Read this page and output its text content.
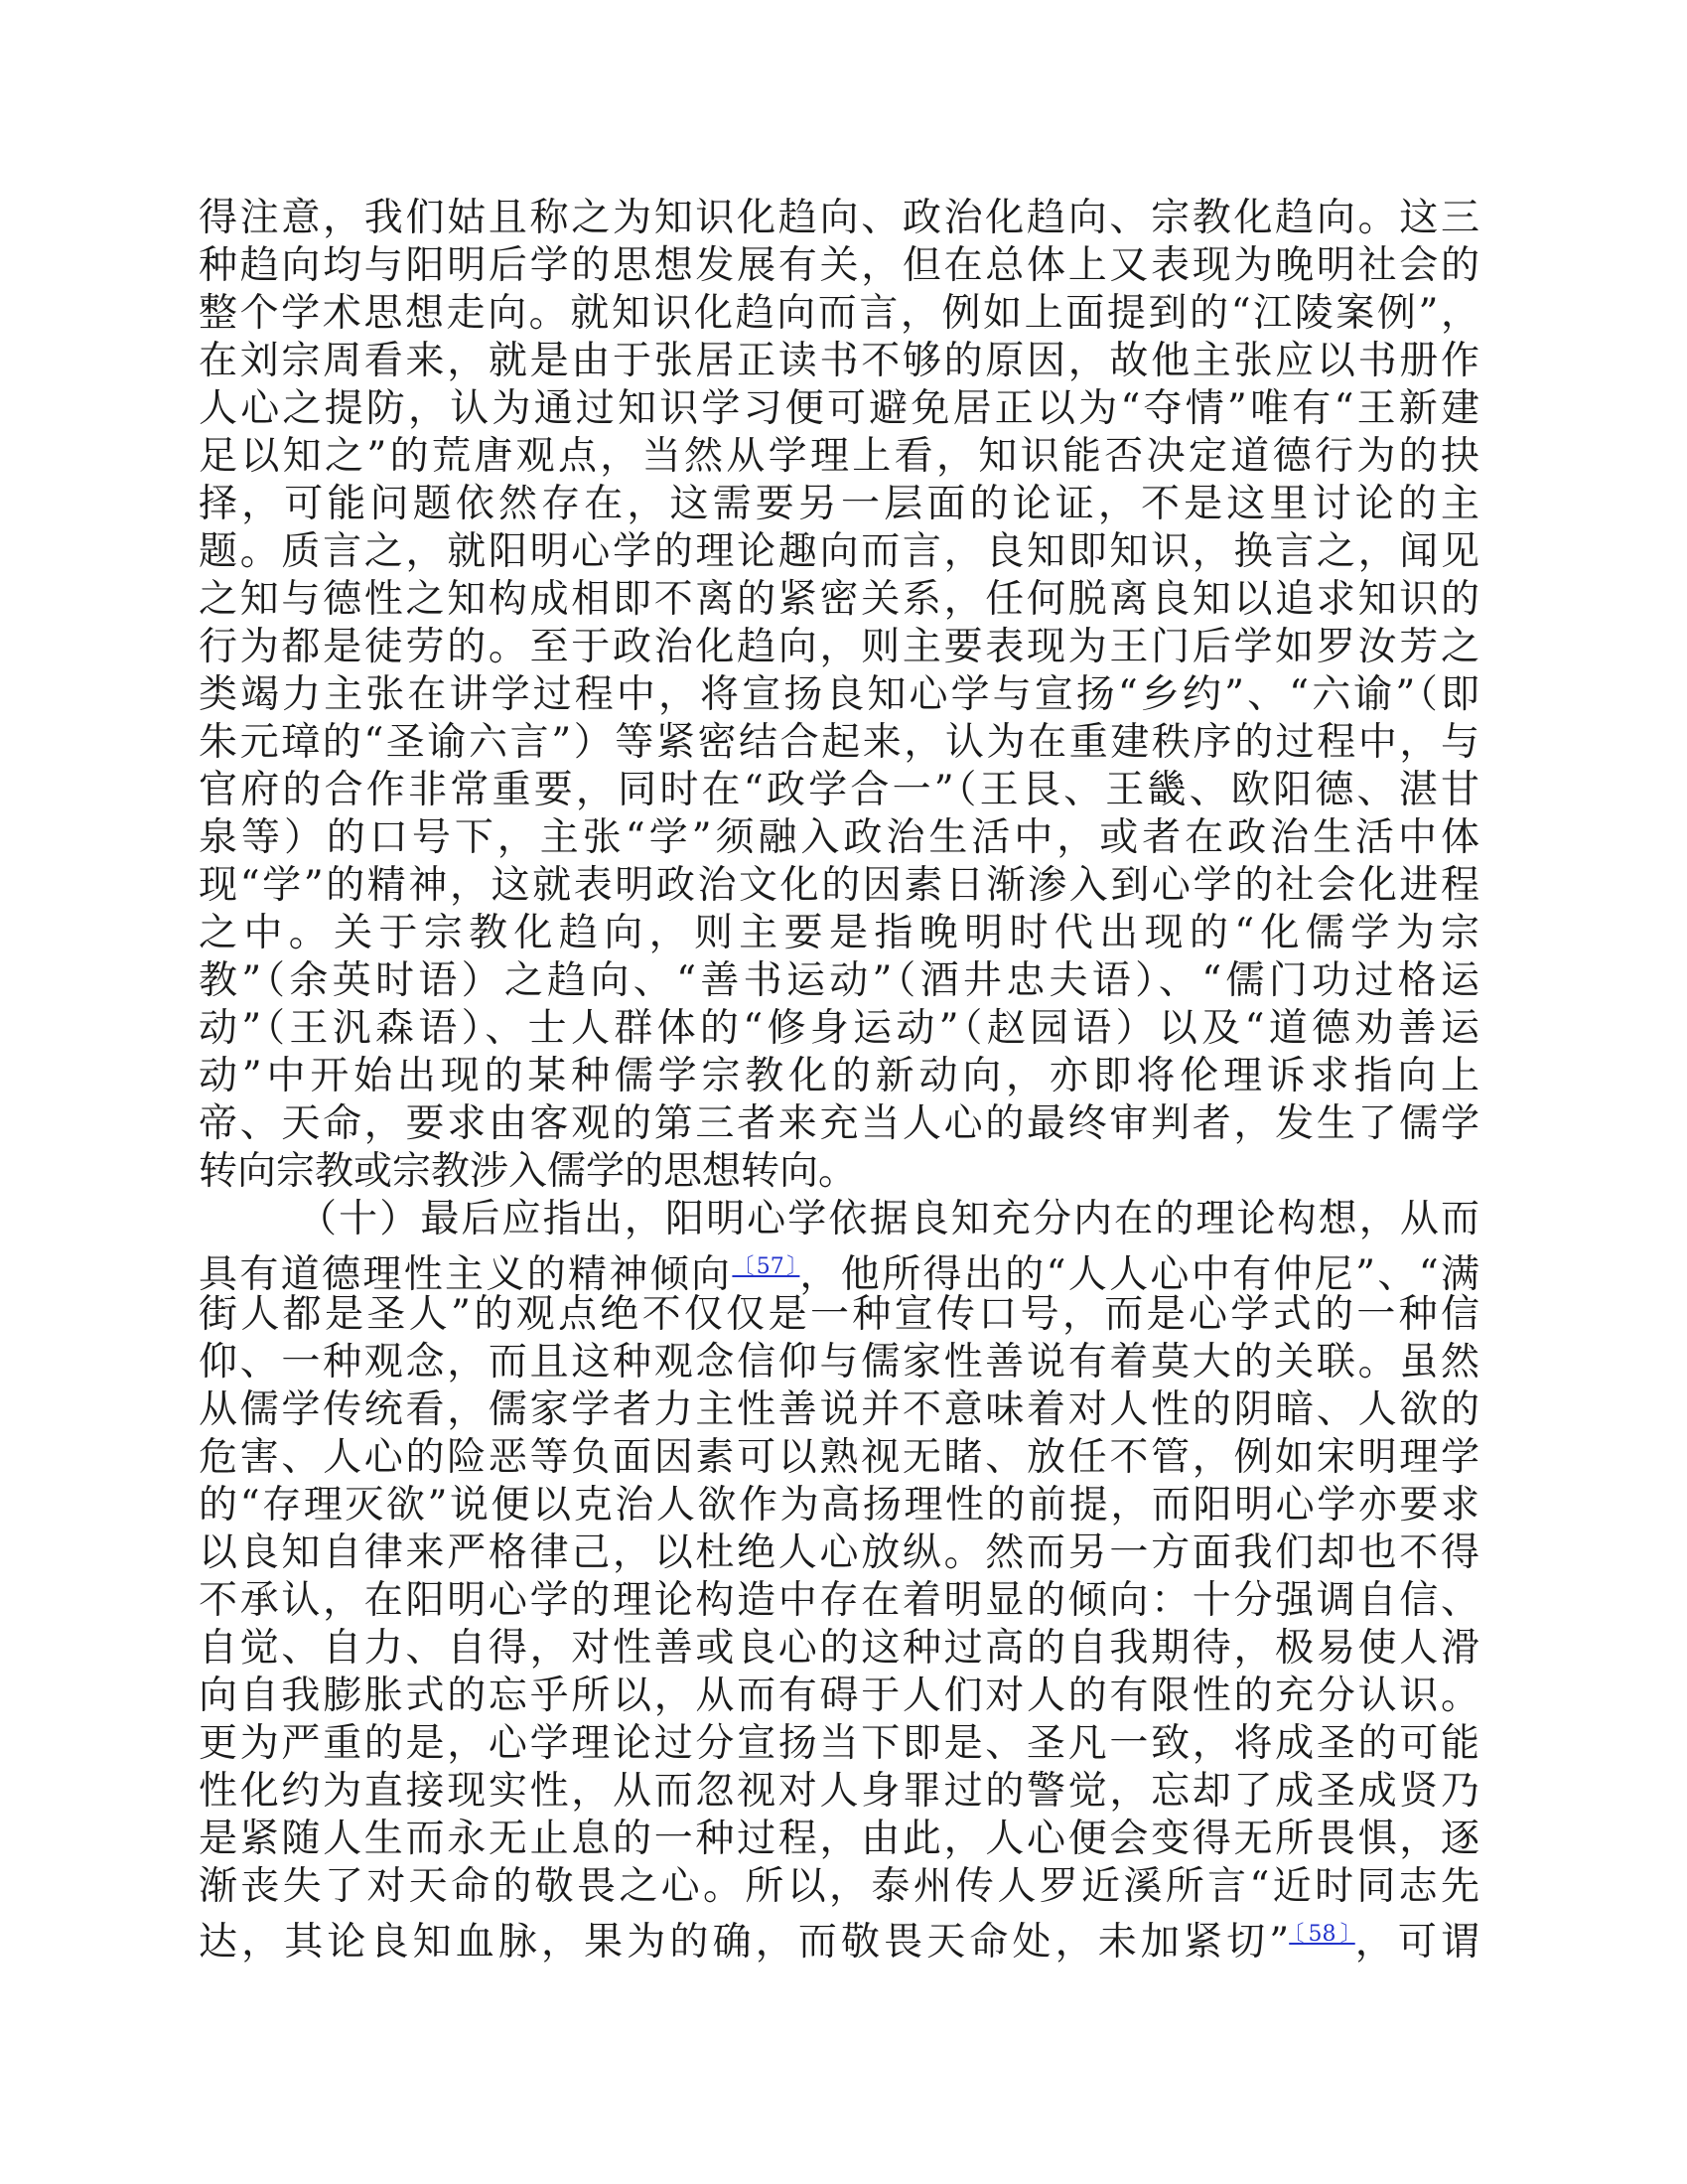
得注意，我们姑且称之为知识化趋向、政治化趋向、宗教化趋向。这三
种趋向均与阳明后学的思想发展有关，但在总体上又表现为晚明社会的
整个学术思想走向。就知识化趋向而言，例如上面提到的“江陵案例”，
在刘宗周看来，就是由于张居正读书不够的原因，故他主张应以书册作
人心之提防，认为通过知识学习便可避免居正以为“夺情”唯有“王新建
足以知之”的荒唐观点，当然从学理上看，知识能否决定道德行为的抉
择，可能问题依然存在，这需要另一层面的论证，不是这里讨论的主
题。质言之，就阳明心学的理论趣向而言，良知即知识，换言之，闻见
之知与德性之知构成相即不离的紧密关系，任何脱离良知以追求知识的
行为都是徒劳的。至于政治化趋向，则主要表现为王门后学如罗汝芳之
类竭力主张在讲学过程中，将宣扬良知心学与宣扬“乡约”、“六谕”（即
朱元璋的“圣谕六言”）等紧密结合起来，认为在重建秩序的过程中，与
官府的合作非常重要，同时在“政学合一”（王艮、王畿、欧阳德、湛甘
泉等）的口号下，主张“学”须融入政治生活中，或者在政治生活中体
现“学”的精神，这就表明政治文化的因素日渐渗入到心学的社会化进程
之中。关于宗教化趋向，则主要是指晚明时代出现的“化儒学为宗
教”（余英时语）之趋向、“善书运动”（酒井忠夫语）、“儒门功过格运
动”（王汎森语）、士人群体的“修身运动”（赵园语）以及“道德劝善运
动”中开始出现的某种儒学宗教化的新动向，亦即将伦理诉求指向上
帝、天命，要求由客观的第三者来充当人心的最终审判者，发生了儒学
转向宗教或宗教涉入儒学的思想转向。
（十）最后应指出，阳明心学依据良知充分内在的理论构想，从而
具有道德理性主义的精神倾向$^{〔57〕}$，他所得出的“人人心中有仲尼”、“满
街人都是圣人”的观点绝不仅仅是一种宣传口号，而是心学式的一种信
仰、一种观念，而且这种观念信仰与儒家性善说有着莫大的关联。虽然
从儒学传统看，儒家学者力主性善说并不意味着对人性的阴暗、人欲的
危害、人心的险恶等负面因素可以熟视无睹、放任不管，例如宋明理学
的“存理灭欲”说便以克治人欲作为高扬理性的前提，而阳明心学亦要求
以良知自律来严格律己，以杜绝人心放纵。然而另一方面我们却也不得
不承认，在阳明心学的理论构造中存在着明显的倾向：十分强调自信、
自觉、自力、自得，对性善或良心的这种过高的自我期待，极易使人滑
向自我膨胀式的忘乎所以，从而有碍于人们对人的有限性的充分认识。
更为严重的是，心学理论过分宣扬当下即是、圣凡一致，将成圣的可能
性化约为直接现实性，从而忽视对人身罪过的警觉，忘却了成圣成贤乃
是紧随人生而永无止息的一种过程，由此，人心便会变得无所畏惧，逐
渐丧失了对天命的敬畏之心。所以，泰州传人罗近溪所言“近时同志先
达，其论良知血脉，果为的确，而敬畏天命处，未加紧切”$^{〔58〕}$，可谓
